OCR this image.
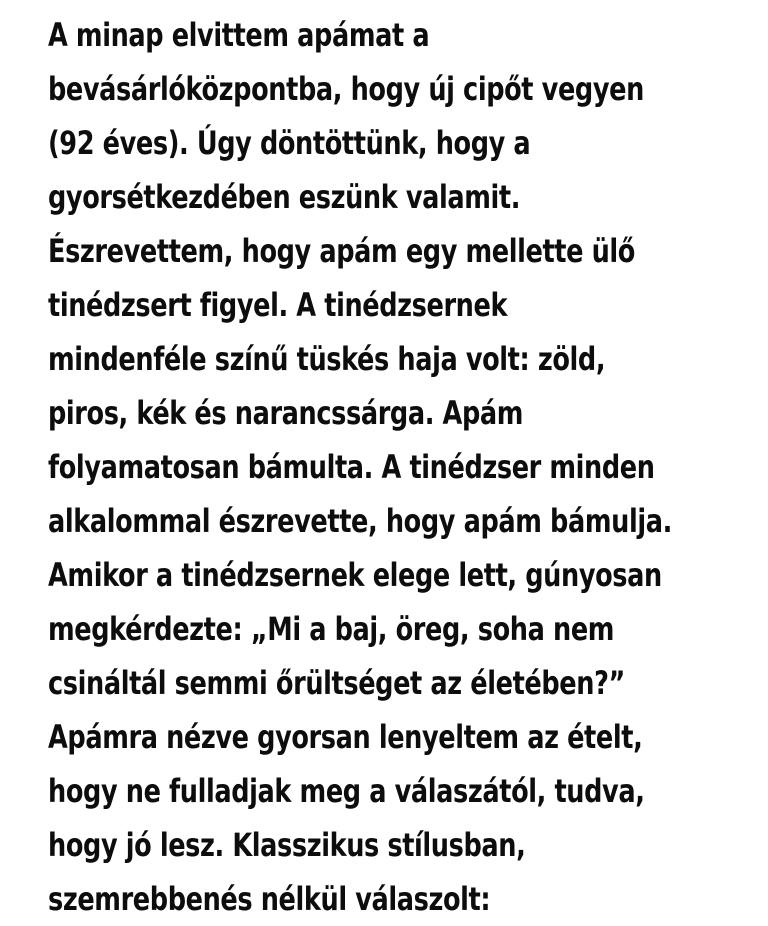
A minap elvittem apámat a
bevásárlóközpontba, hogy új cipőt vegyen
(92 éves). Úgy döntöttünk, hogy a
gyorsétkezdében eszünk valamit.
Észrevettem, hogy apám egy mellette ülő
tinédzsert figyel. A tinédzsernek
mindenféle színű tüskés haja volt: zöld,
piros, kék és narancssárga. Apám
folyamatosan bámulta. A tinédzser minden
alkalommal észrevette, hogy apám bámulja.
Amikor a tinédzsernek elege lett, gúnyosan
megkérdezte: „Mi a baj, öreg, soha nem
csináltál semmi őrültséget az életében?”
Apámra nézve gyorsan lenyeltem az ételt,
hogy ne fulladjak meg a válaszától, tudva,
hogy jó lesz. Klasszikus stílusban,
szemrebbenés nélkül válaszolt:
